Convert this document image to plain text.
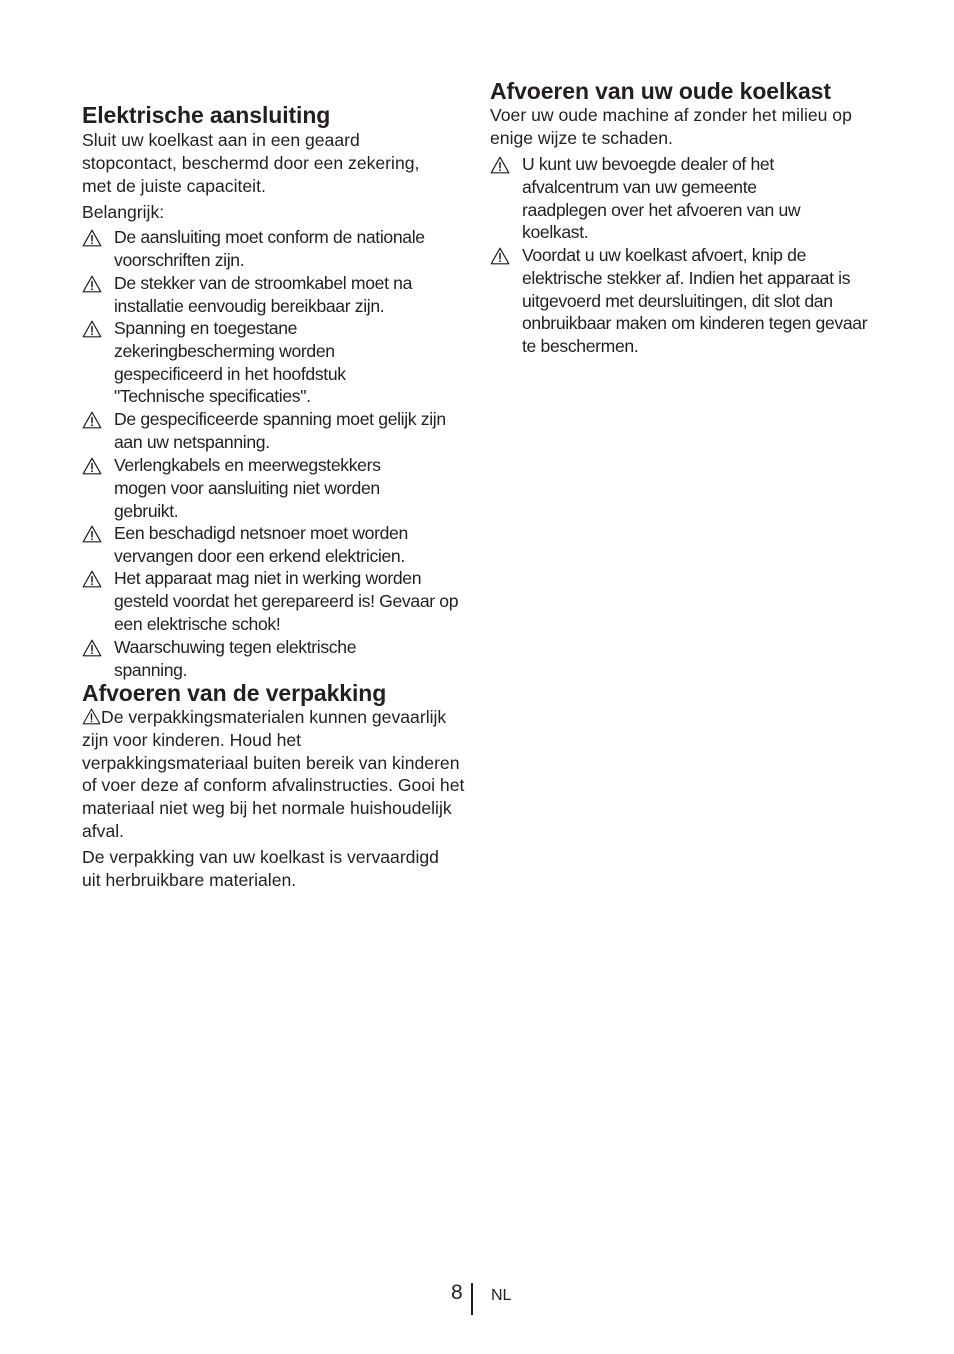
Elektrische aansluiting

Sluit uw koelkast aan in een geaard stopcontact, beschermd door een zekering, met de juiste capaciteit.

Belangrijk:

De aansluiting moet conform de nationale voorschriften zijn.
De stekker van de stroomkabel moet na installatie eenvoudig bereikbaar zijn.
Spanning en toegestane zekeringbescherming worden gespecificeerd in het hoofdstuk "Technische specificaties".
De gespecificeerde spanning moet gelijk zijn aan uw netspanning.
Verlengkabels en meerwegstekkers mogen voor aansluiting niet worden gebruikt.
Een beschadigd netsnoer moet worden vervangen door een erkend elektricien.
Het apparaat mag niet in werking worden gesteld voordat het gerepareerd is! Gevaar op een elektrische schok!
Waarschuwing tegen elektrische spanning.
Afvoeren van de verpakking

De verpakkingsmaterialen kunnen gevaarlijk zijn voor kinderen. Houd het verpakkingsmateriaal buiten bereik van kinderen of voer deze af conform afvalinstructies. Gooi het materiaal niet weg bij het normale huishoudelijk afval.

De verpakking van uw koelkast is vervaardigd uit herbruikbare materialen.

Afvoeren van uw oude koelkast

Voer uw oude machine af zonder het milieu op enige wijze te schaden.

U kunt uw bevoegde dealer of het afvalcentrum van uw gemeente raadplegen over het afvoeren van uw koelkast.
Voordat u uw koelkast afvoert, knip de elektrische stekker af. Indien het apparaat is uitgevoerd met deursluitingen, dit slot dan onbruikbaar maken om kinderen tegen gevaar te beschermen.
8 NL
